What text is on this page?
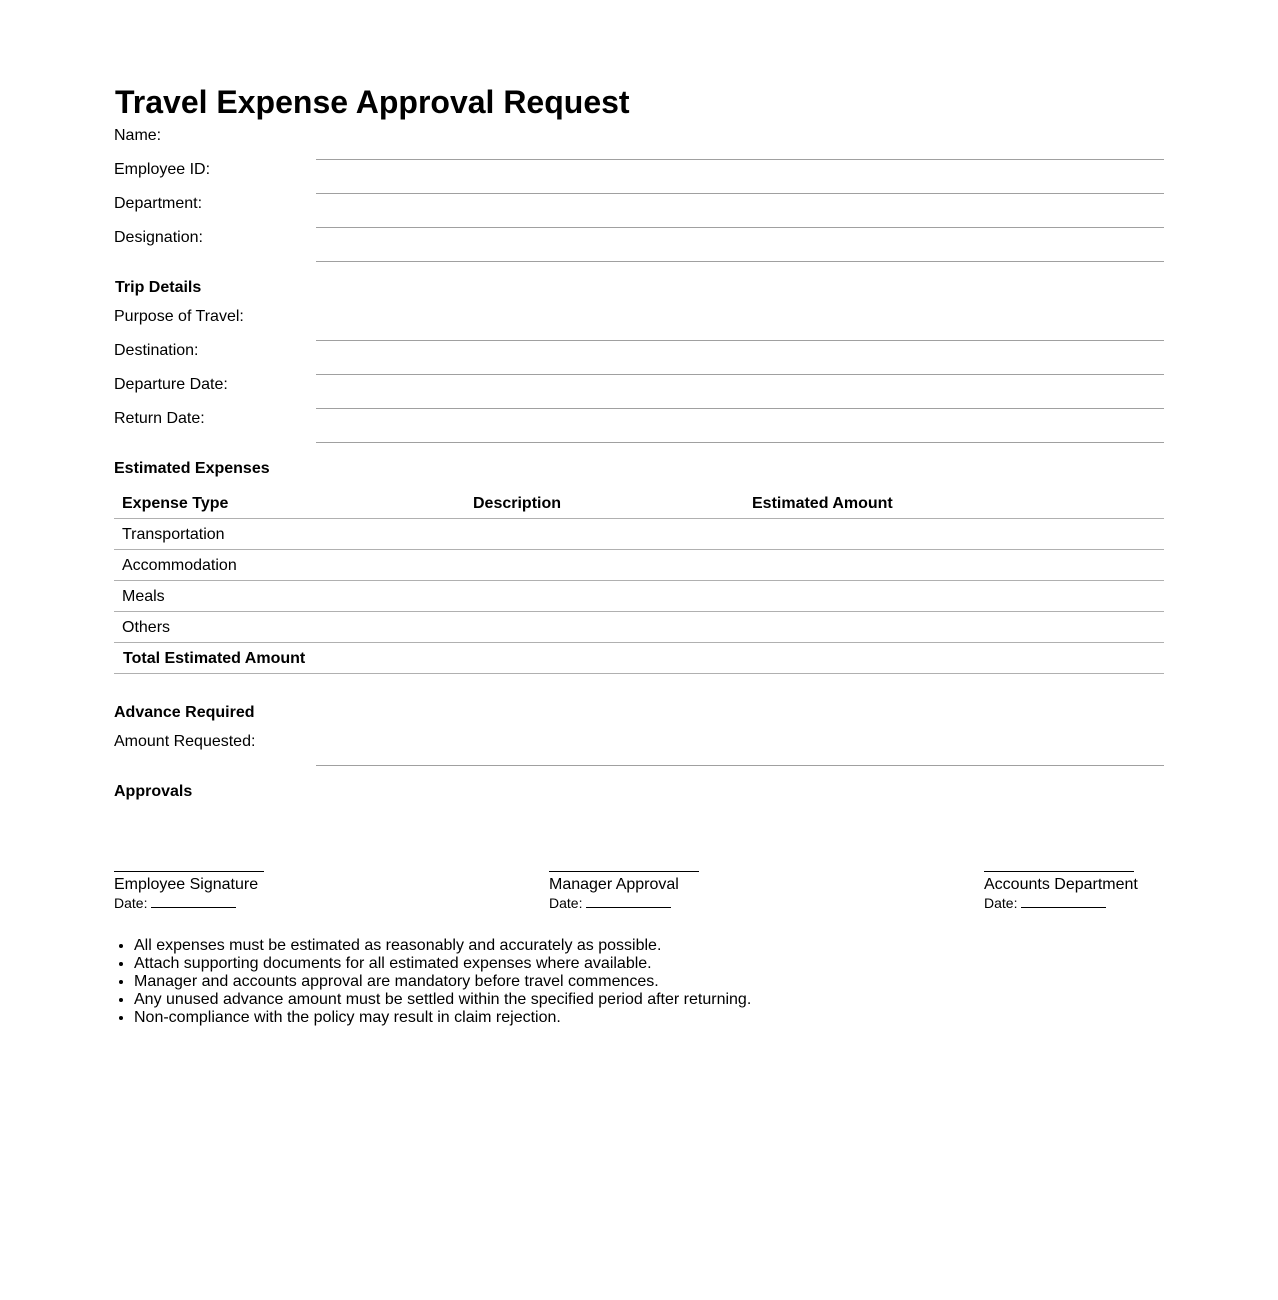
Travel Expense Approval Request
Name:
Employee ID:
Department:
Designation:
Trip Details
Purpose of Travel:
Destination:
Departure Date:
Return Date:
Estimated Expenses
Expense Type	Description	Estimated Amount
Transportation
Accommodation
Meals
Others
Total Estimated Amount
Advance Required
Amount Requested:
Approvals
Employee Signature
Date:
Manager Approval
Date:
Accounts Department
Date:
• All expenses must be estimated as reasonably and accurately as possible.
• Attach supporting documents for all estimated expenses where available.
• Manager and accounts approval are mandatory before travel commences.
• Any unused advance amount must be settled within the specified period after returning.
• Non-compliance with the policy may result in claim rejection.
